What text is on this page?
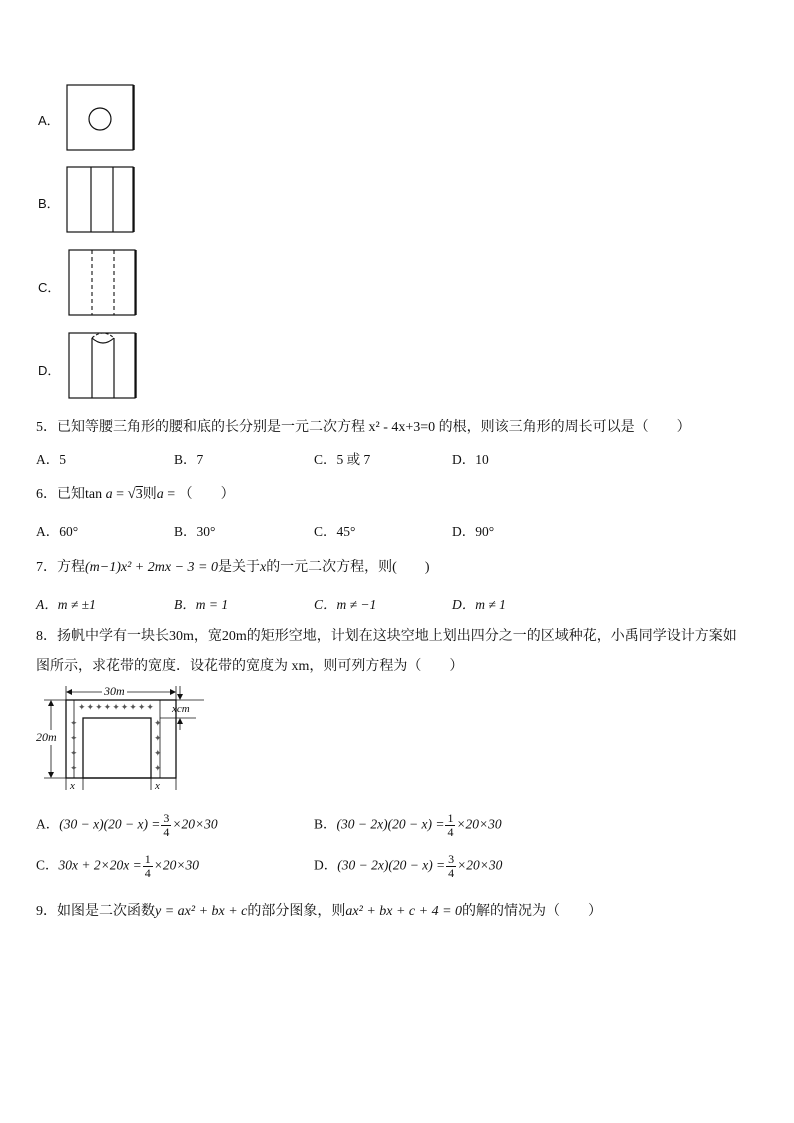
A．
B．
C．
D．
5．已知等腰三角形的腰和底的长分别是一元二次方程 x² - 4x+3=0 的根，则该三角形的周长可以是（　　）
A．5	B．7	C．5 或 7	D．10
6．已知tan a = √3则a = （　　）
A．60°	B．30°	C．45°	D．90°
7．方程(m−1)x² + 2mx − 3 = 0是关于x的一元二次方程，则(　　)
A．m ≠ ±1	B．m = 1	C．m ≠ −1	D．m ≠ 1
8．扬帆中学有一块长30m，宽20m的矩形空地，计划在这块空地上划出四分之一的区域种花，小禹同学设计方案如
图所示，求花带的宽度．设花带的宽度为 xm，则可列方程为（　　）
✦✦✦✦✦✦✦✦✦
✦
✦
✦
✦
✦
✦
✦
✦
30m
20m
xcm
x	x
A．$(30 - x)(20 - x) = \frac{3}{4} \times 20\times 30$	B．$(30 - 2x)(20 - x) = \frac{1}{4} \times 20\times 30$
C．$30x + 2\times 20x = \frac{1}{4} \times 20\times 30$	D．$(30 - 2x)(20 - x) = \frac{3}{4} \times 20\times 30$
9．如图是二次函数y = ax² + bx + c的部分图象，则ax² + bx + c + 4 = 0的解的情况为（　　）
